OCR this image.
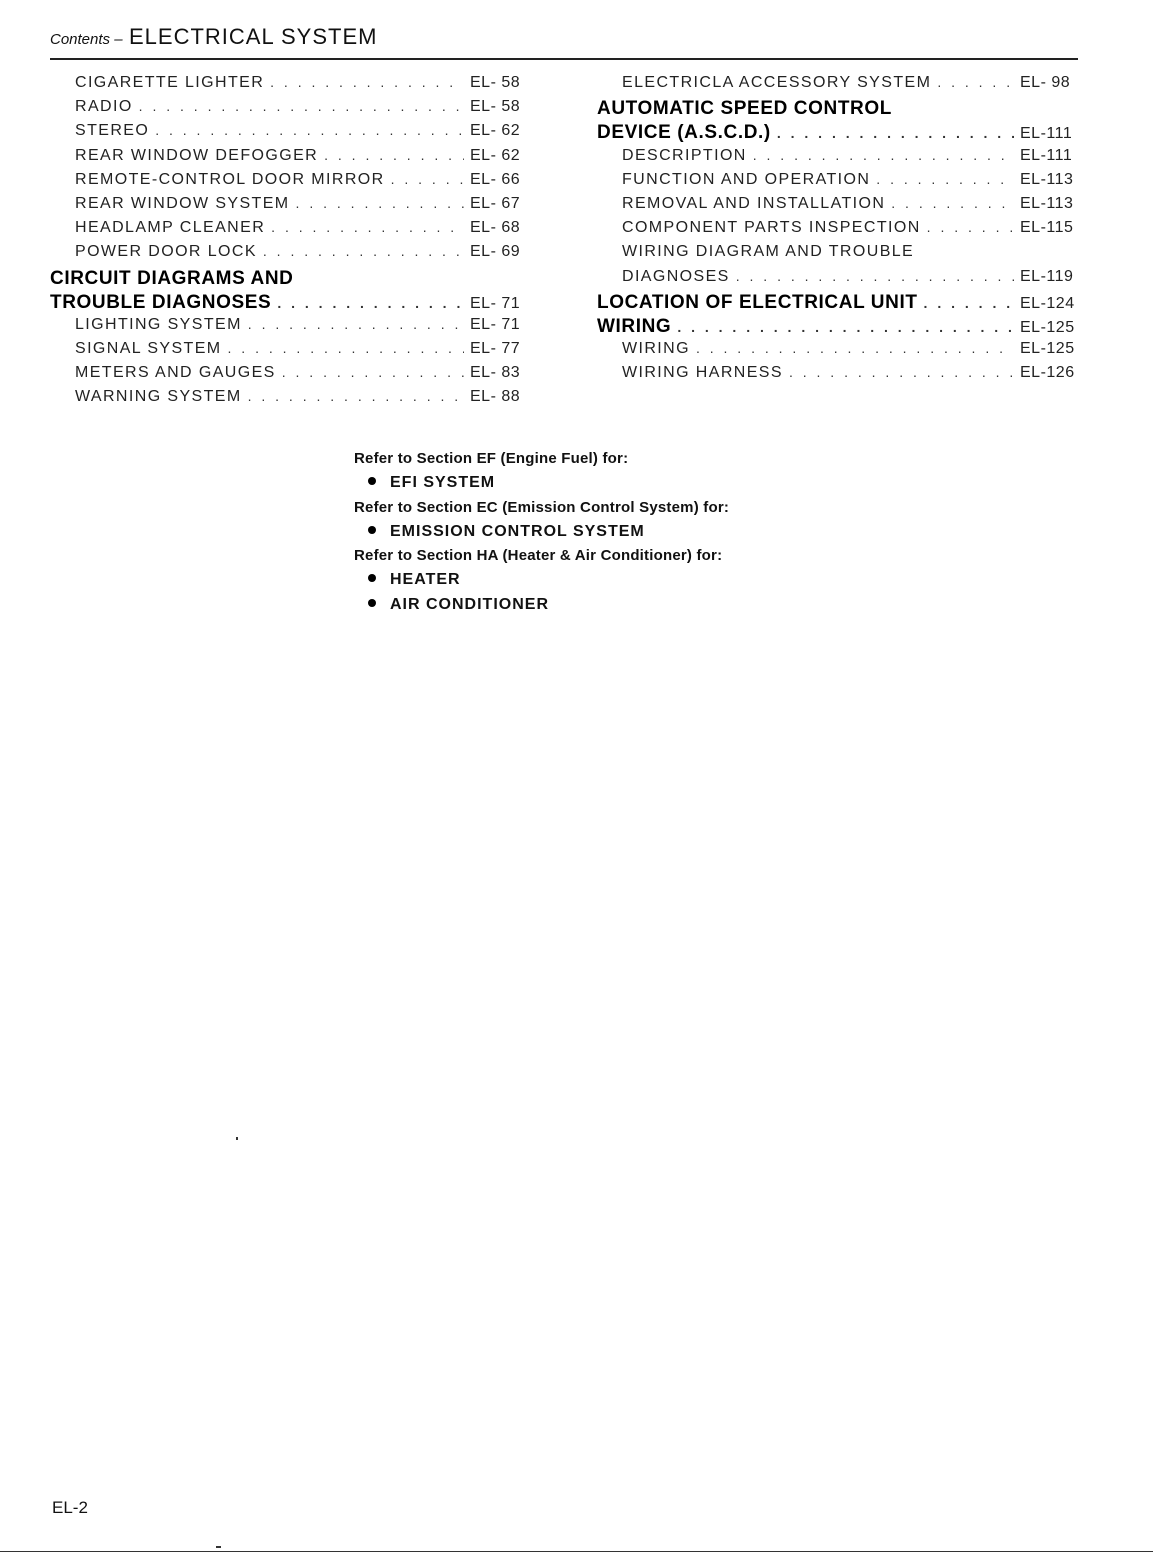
Contents – ELECTRICAL SYSTEM
CIGARETTE LIGHTER . . .	EL- 58
RADIO . . .	EL- 58
STEREO . . .	EL- 62
REAR WINDOW DEFOGGER . . .	EL- 62
REMOTE-CONTROL DOOR MIRROR . . .	EL- 66
REAR WINDOW SYSTEM . . .	EL- 67
HEADLAMP CLEANER . . .	EL- 68
POWER DOOR LOCK . . .	EL- 69
CIRCUIT DIAGRAMS AND
TROUBLE DIAGNOSES . . .	EL- 71
LIGHTING SYSTEM . . .	EL- 71
SIGNAL SYSTEM . . .	EL- 77
METERS AND GAUGES . . .	EL- 83
WARNING SYSTEM . . .	EL- 88
ELECTRICLA ACCESSORY SYSTEM . . .	EL- 98
AUTOMATIC SPEED CONTROL
DEVICE (A.S.C.D.) . . .	EL-111
DESCRIPTION . . .	EL-111
FUNCTION AND OPERATION . . .	EL-113
REMOVAL AND INSTALLATION . . .	EL-113
COMPONENT PARTS INSPECTION . . .	EL-115
WIRING DIAGRAM AND TROUBLE
DIAGNOSES . . .	EL-119
LOCATION OF ELECTRICAL UNIT . . .	EL-124
WIRING . . .	EL-125
WIRING . . .	EL-125
WIRING HARNESS . . .	EL-126
Refer to Section EF (Engine Fuel) for:
EFI SYSTEM
Refer to Section EC (Emission Control System) for:
EMISSION CONTROL SYSTEM
Refer to Section HA (Heater & Air Conditioner) for:
HEATER
AIR CONDITIONER
EL-2
